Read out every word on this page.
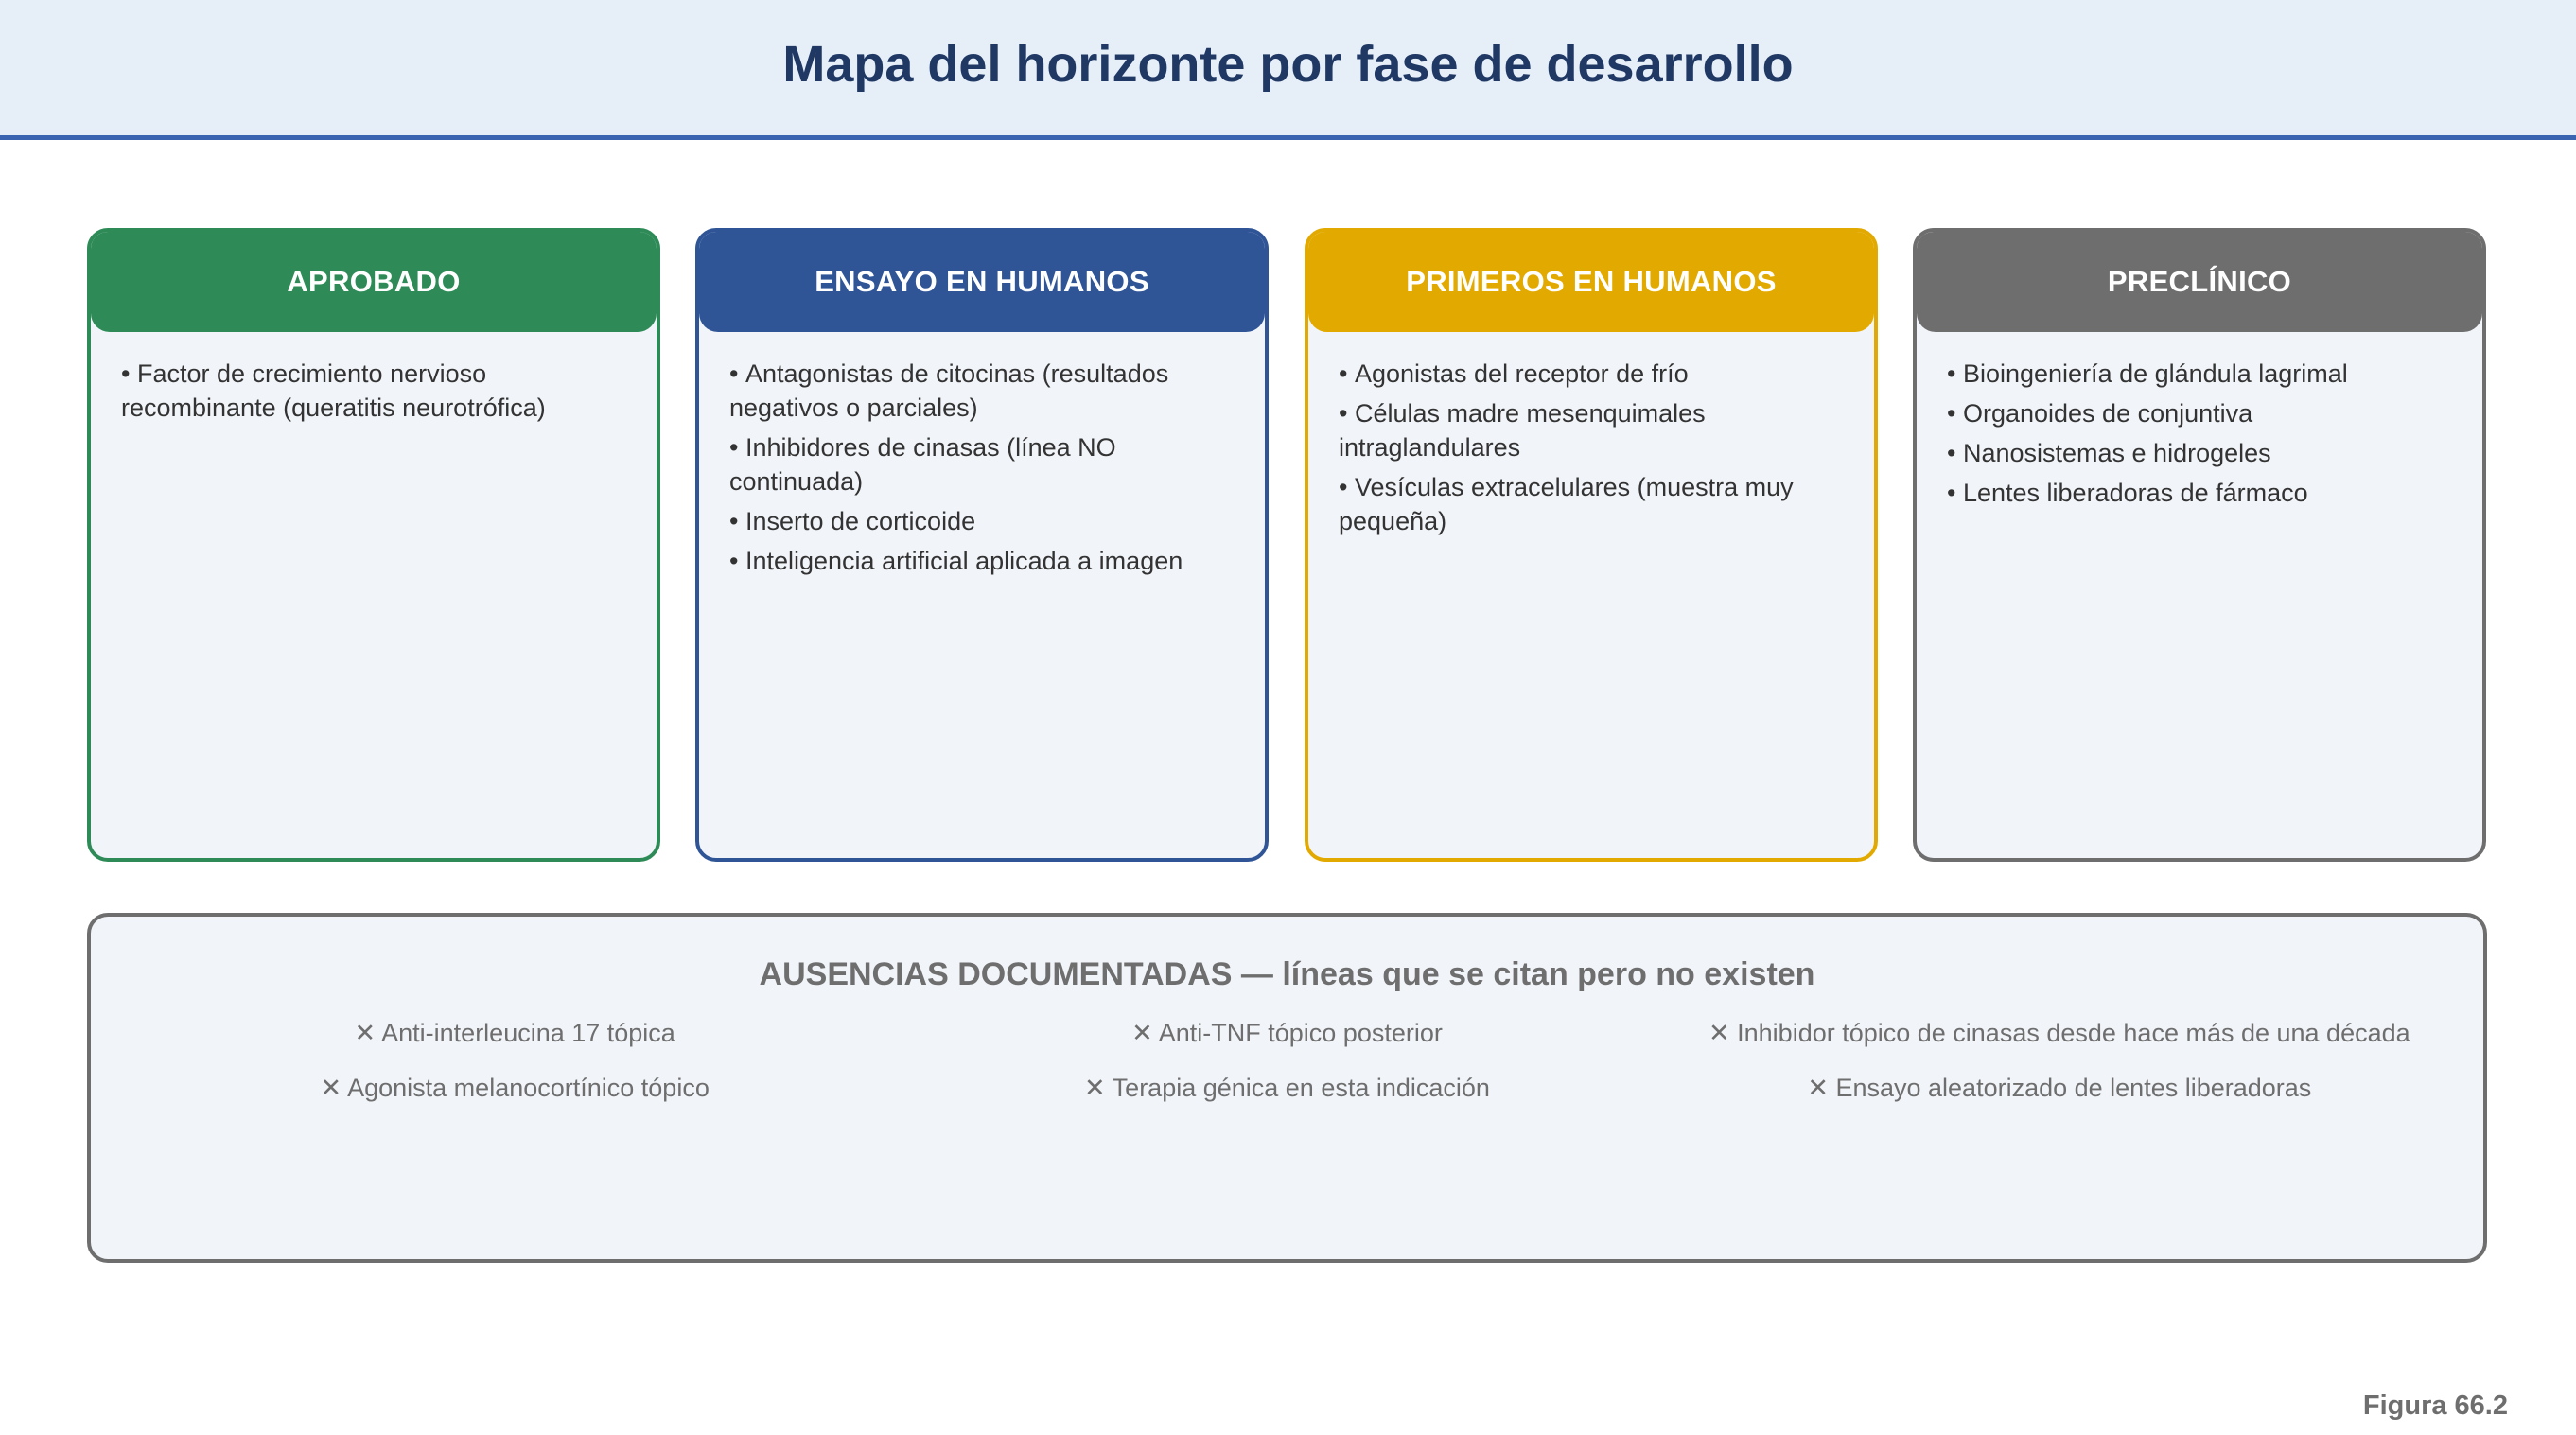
Mapa del horizonte por fase de desarrollo
APROBADO
• Factor de crecimiento nervioso recombinante (queratitis neurotrófica)
ENSAYO EN HUMANOS
• Antagonistas de citocinas (resultados negativos o parciales)
• Inhibidores de cinasas (línea NO continuada)
• Inserto de corticoide
• Inteligencia artificial aplicada a imagen
PRIMEROS EN HUMANOS
• Agonistas del receptor de frío
• Células madre mesenquimales intraglandulares
• Vesículas extracelulares (muestra muy pequeña)
PRECLÍNICO
• Bioingeniería de glándula lagrimal
• Organoides de conjuntiva
• Nanosistemas e hidrogeles
• Lentes liberadoras de fármaco
AUSENCIAS DOCUMENTADAS — líneas que se citan pero no existen
✕ Anti-interleucina 17 tópica	✕ Anti-TNF tópico posterior	✕ Inhibidor tópico de cinasas desde hace más de una década
✕ Agonista melanocortínico tópico	✕ Terapia génica en esta indicación	✕ Ensayo aleatorizado de lentes liberadoras
Figura 66.2
